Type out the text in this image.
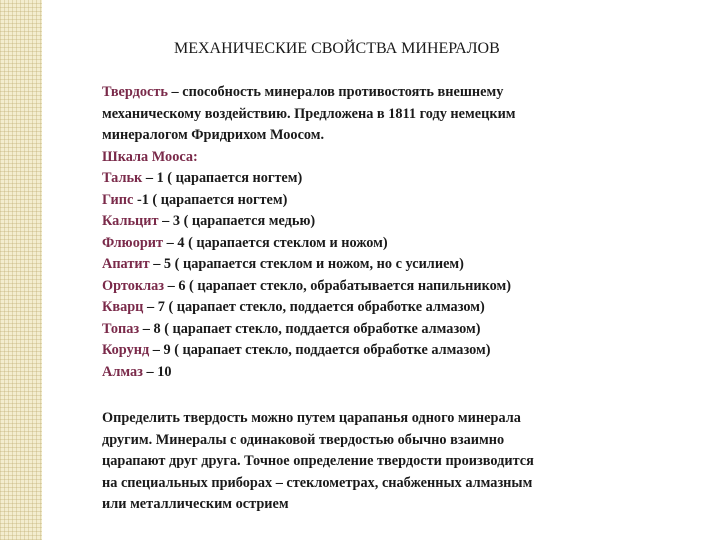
МЕХАНИЧЕСКИЕ СВОЙСТВА МИНЕРАЛОВ
Твердость – способность минералов противостоять внешнему
механическому воздействию. Предложена в 1811 году немецким
минералогом Фридрихом Моосом.
Шкала Мооса:
Тальк – 1 ( царапается ногтем)
Гипс -1 ( царапается ногтем)
Кальцит – 3 ( царапается медью)
Флюорит – 4 ( царапается стеклом и ножом)
Апатит – 5 ( царапается стеклом и ножом, но с усилием)
Ортоклаз – 6 ( царапает стекло, обрабатывается напильником)
Кварц – 7 ( царапает стекло, поддается обработке алмазом)
Топаз – 8 ( царапает стекло, поддается обработке алмазом)
Корунд – 9 ( царапает стекло, поддается обработке алмазом)
Алмаз – 10
Определить твердость можно путем царапанья одного минерала
другим. Минералы с одинаковой твердостью обычно взаимно
царапают друг друга. Точное определение твердости производится
на специальных приборах – стеклометрах, снабженных алмазным
или металлическим острием
